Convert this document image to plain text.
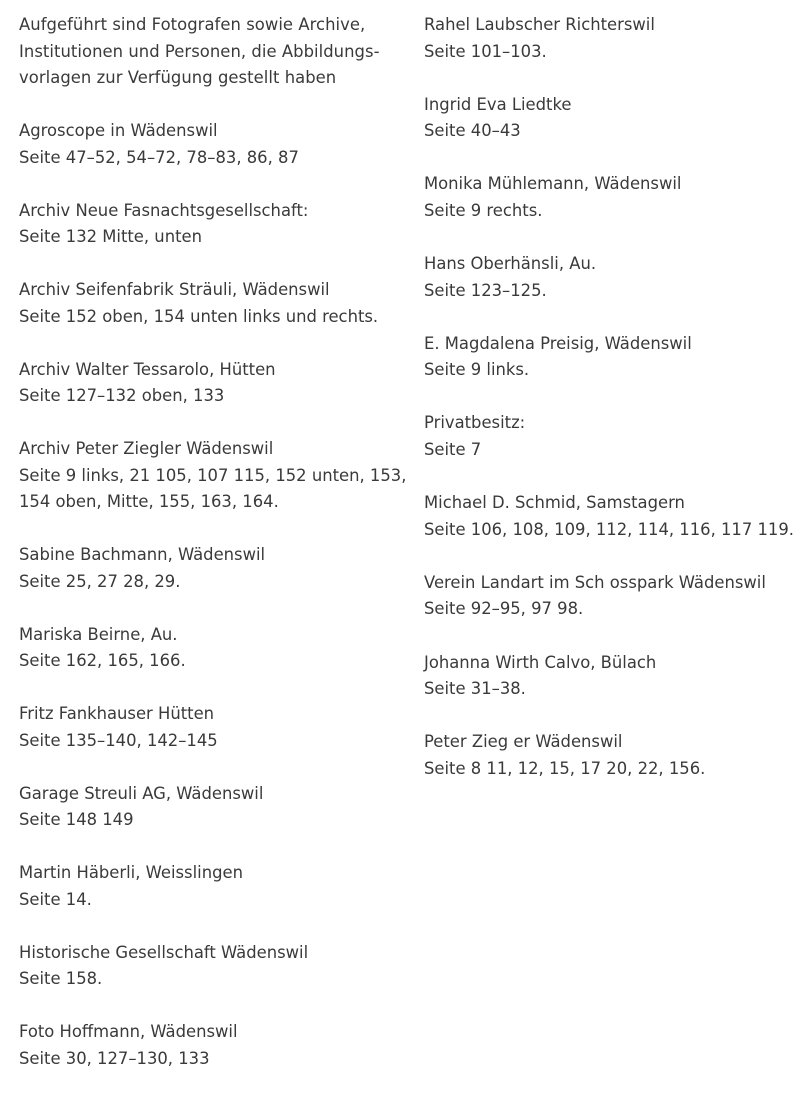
Aufgeführt sind Fotografen sowie Archive,
Institutionen und Personen, die Abbildungs-
vorlagen zur Verfügung gestellt haben

Agroscope in Wädenswil
Seite 47–52, 54–72, 78–83, 86, 87
Archiv Neue Fasnachtsgesellschaft:
Seite 132 Mitte, unten
Archiv Seifenfabrik Sträuli, Wädenswil
Seite 152 oben, 154 unten links und rechts.
Archiv Walter Tessarolo, Hütten
Seite 127–132 oben, 133
Archiv Peter Ziegler Wädenswil
Seite 9 links, 21 105, 107 115, 152 unten, 153, 154 oben, Mitte, 155, 163, 164.
Sabine Bachmann, Wädenswil
Seite 25, 27 28, 29.
Mariska Beirne, Au.
Seite 162, 165, 166.
Fritz Fankhauser Hütten
Seite 135–140, 142–145
Garage Streuli AG, Wädenswil
Seite 148 149
Martin Häberli, Weisslingen
Seite 14.
Historische Gesellschaft Wädenswil
Seite 158.
Foto Hoffmann, Wädenswil
Seite 30, 127–130, 133
Rahel Laubscher Richterswil
Seite 101–103.
Ingrid Eva Liedtke
Seite 40–43
Monika Mühlemann, Wädenswil
Seite 9 rechts.
Hans Oberhänsli, Au.
Seite 123–125.
E. Magdalena Preisig, Wädenswil
Seite 9 links.
Privatbesitz:
Seite 7
Michael D. Schmid, Samstagern
Seite 106, 108, 109, 112, 114, 116, 117 119.
Verein Landart im Sch osspark Wädenswil
Seite 92–95, 97 98.
Johanna Wirth Calvo, Bülach
Seite 31–38.
Peter Zieg er Wädenswil
Seite 8 11, 12, 15, 17 20, 22, 156.
